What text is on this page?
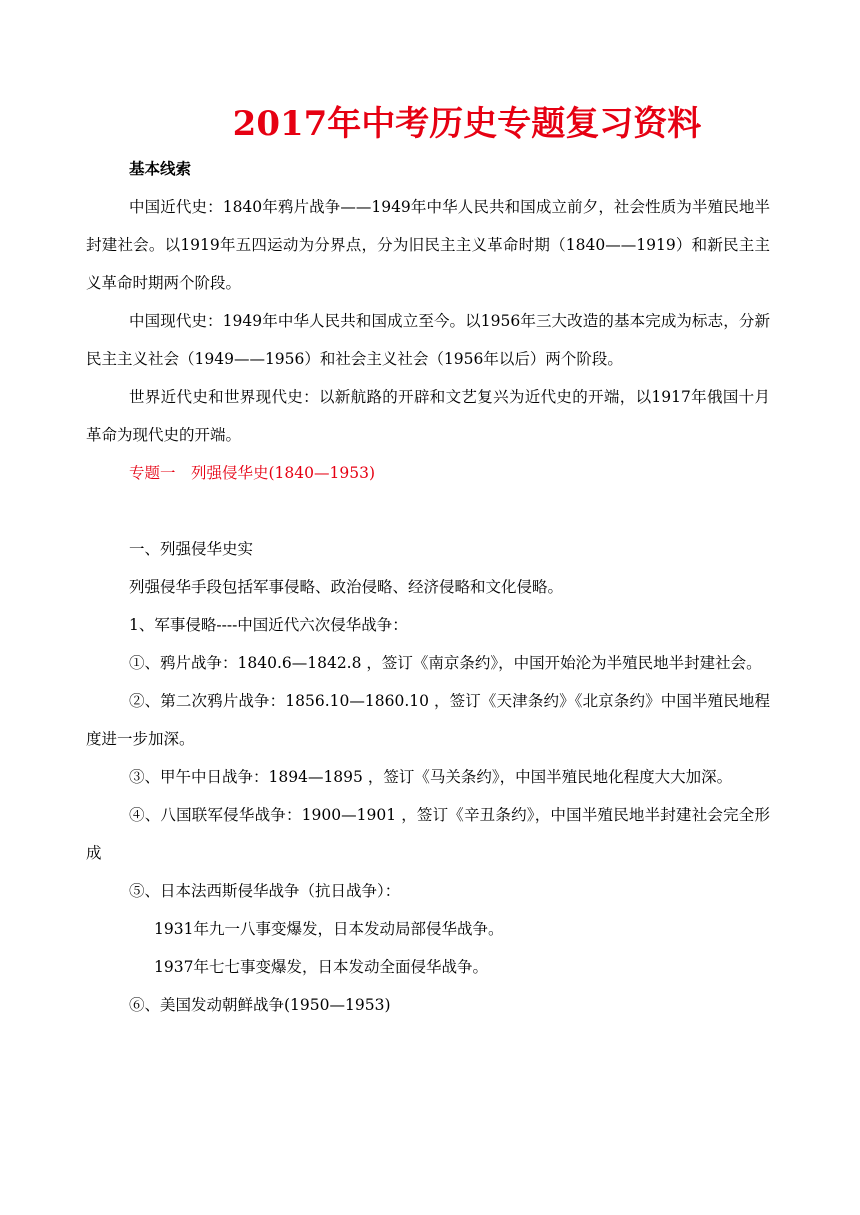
2017年中考历史专题复习资料

基本线索

中国近代史：1840年鸦片战争——1949年中华人民共和国成立前夕，社会性质为半殖民地半封建社会。以1919年五四运动为分界点，分为旧民主主义革命时期（1840——1919）和新民主主义革命时期两个阶段。

中国现代史：1949年中华人民共和国成立至今。以1956年三大改造的基本完成为标志，分新民主主义社会（1949——1956）和社会主义社会（1956年以后）两个阶段。

世界近代史和世界现代史：以新航路的开辟和文艺复兴为近代史的开端，以1917年俄国十月革命为现代史的开端。

专题一　列强侵华史(1840—1953)

一、列强侵华史实

列强侵华手段包括军事侵略、政治侵略、经济侵略和文化侵略。

1、军事侵略----中国近代六次侵华战争：

①、鸦片战争：1840.6—1842.8 ，签订《南京条约》，中国开始沦为半殖民地半封建社会。

②、第二次鸦片战争：1856.10—1860.10 ，签订《天津条约》《北京条约》中国半殖民地程度进一步加深。

③、甲午中日战争：1894—1895 ，签订《马关条约》，中国半殖民地化程度大大加深。

④、八国联军侵华战争：1900—1901 ，签订《辛丑条约》，中国半殖民地半封建社会完全形成

⑤、日本法西斯侵华战争（抗日战争）：

1931年九一八事变爆发，日本发动局部侵华战争。

1937年七七事变爆发，日本发动全面侵华战争。

⑥、美国发动朝鲜战争(1950—1953)
